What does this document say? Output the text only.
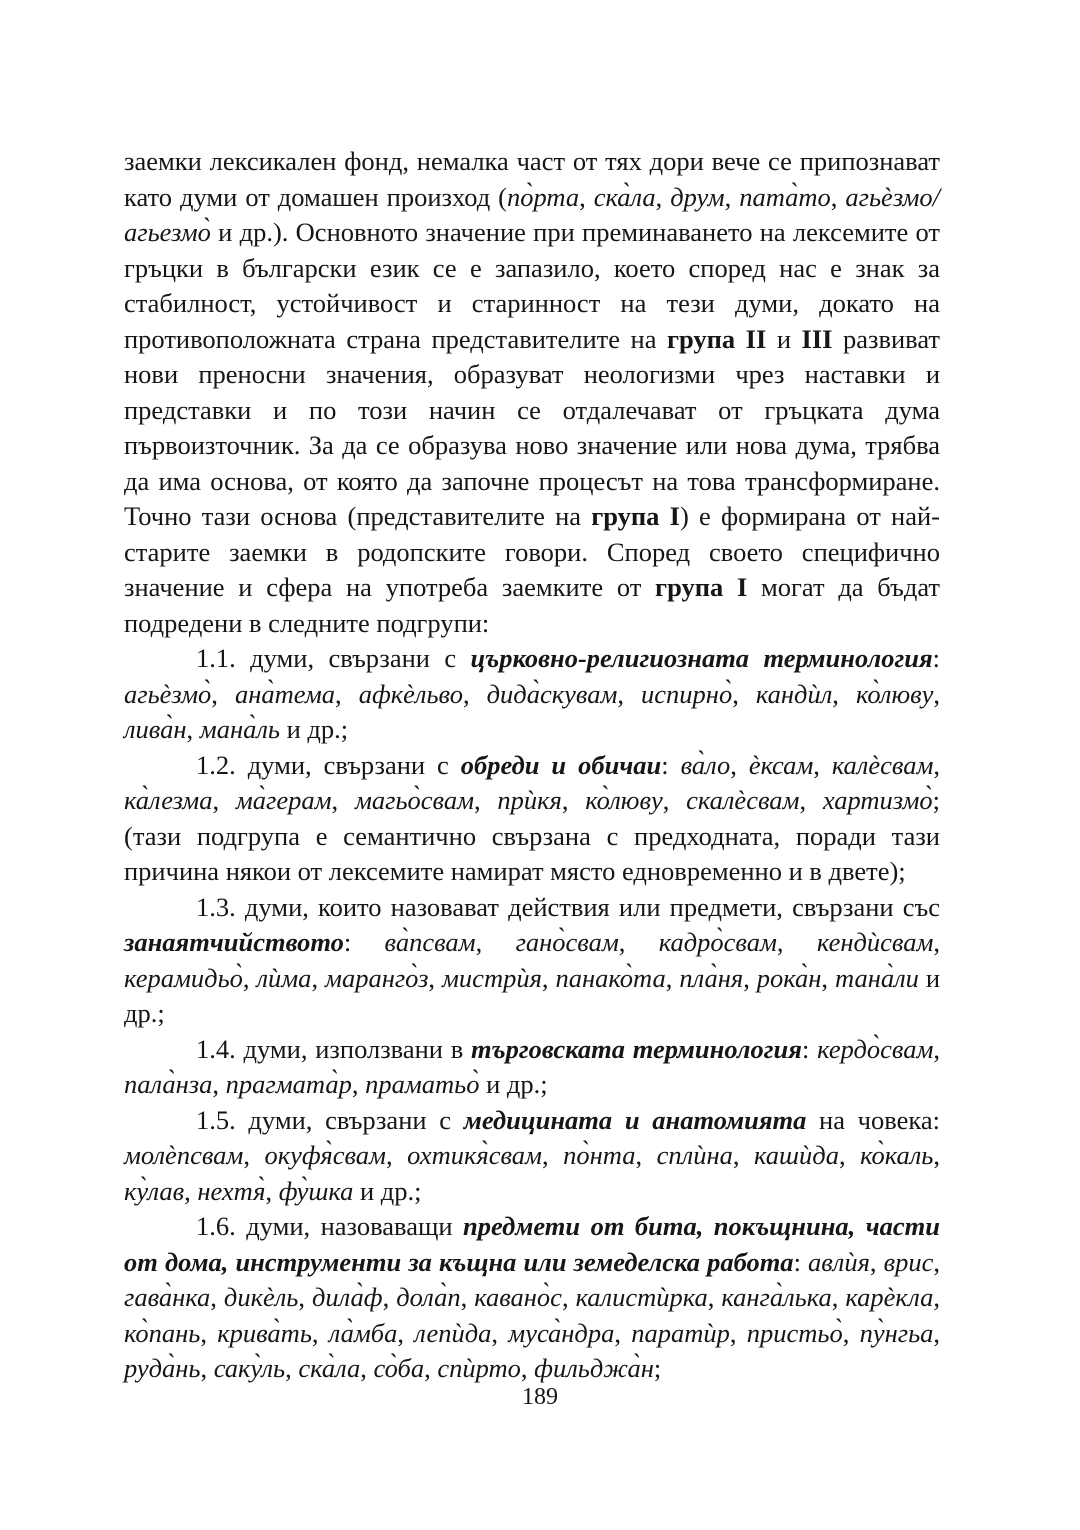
заемки лексикален фонд, немалка част от тях дори вече се припознават като думи от домашен произход (по̀рта, ска̀ла, друм, пата̀то, агьѐзмо/агьезмо̀ и др.). Основното значение при преминаването на лексемите от гръцки в български език се е запазило, което според нас е знак за стабилност, устойчивост и старинност на тези думи, докато на противоположната страна представителите на група II и III развиват нови преносни значения, образуват неологизми чрез наставки и представки и по този начин се отдалечават от гръцката дума първоизточник. За да се образува ново значение или нова дума, трябва да има основа, от която да започне процесът на това трансформиране. Точно тази основа (представителите на група I) е формирана от най-старите заемки в родопските говори. Според своето специфично значение и сфера на употреба заемките от група I могат да бъдат подредени в следните подгрупи:

1.1. думи, свързани с църковно-религиозната терминология: агьѐзмо̀, ана̀тема, афкѐльво, дида̀скувам, испирно̀, кандѝл, ко̀люву, лива̀н, мана̀ль и др.;

1.2. думи, свързани с обреди и обичаи: ва̀ло, ѐксам, калѐсвам, ка̀лезма, ма̀герам, магьо̀свам, прѝкя, ко̀люву, скалѐсвам, хартизмо̀; (тази подгрупа е семантично свързана с предходната, поради тази причина някои от лексемите намират място едновременно и в двете);

1.3. думи, които назовават действия или предмети, свързани със занаятчийството: ва̀псвам, гано̀свам, кадро̀свам, кендѝсвам, керамидьо̀, лѝма, маранго̀з, мистрѝя, панако̀та, пла̀ня, рока̀н, тана̀ли и др.;

1.4. думи, използвани в търговската терминология: кердо̀свам, пала̀нза, прагмата̀р, праматьо̀ и др.;

1.5. думи, свързани с медицината и анатомията на човека: молѐпсвам, окуфя̀свам, охтикя̀свам, по̀нта, сплѝна, кашѝда, ко̀каль, ку̀лав, нехтя̀, фу̀шка и др.;

1.6. думи, назоваващи предмети от бита, покъщнина, части от дома, инструменти за къщна или земеделска работа: авлѝя, врис, гава̀нка, дикѐль, дила̀ф, дола̀п, кавано̀с, калистѝрка, канга̀лька, карѐкла, ко̀пань, крива̀ть, ла̀мба, лепѝда, муса̀ндра, паратѝр, пристьо̀, пу̀нгьа, руда̀нь, саку̀ль, ска̀ла, со̀ба, спѝрто, фильджа̀н;

189
